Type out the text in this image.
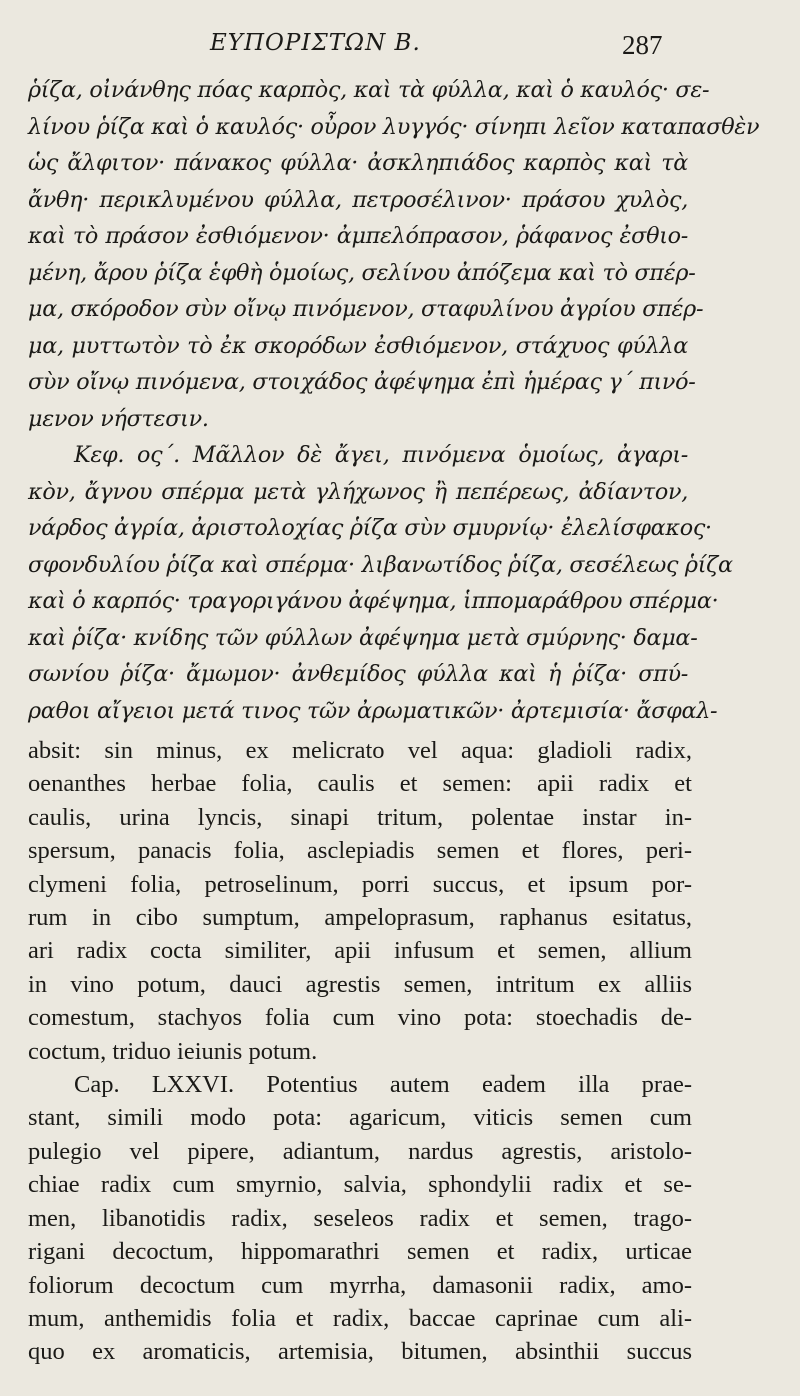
ΕΥΠΟΡΙΣΤΩΝ Β.	287
ῥίζα, οἰνάνθης πόας καρπὸς, καὶ τὰ φύλλα, καὶ ὁ καυλός· σε-
λίνου ῥίζα καὶ ὁ καυλός· οὖρον λυγγός· σίνηπι λεῖον καταπασθὲν
ὡς ἄλφιτον· πάνακος φύλλα· ἀσκληπιάδος καρπὸς καὶ τὰ
ἄνθη· περικλυμένου φύλλα, πετροσέλινον· πράσου χυλὸς,
καὶ τὸ πράσον ἐσθιόμενον· ἀμπελόπρασον, ῥάφανος ἐσθιο-
μένη, ἄρου ῥίζα ἑφθὴ ὁμοίως, σελίνου ἀπόζεμα καὶ τὸ σπέρ-
μα, σκόροδον σὺν οἴνῳ πινόμενον, σταφυλίνου ἀγρίου σπέρ-
μα, μυττωτὸν τὸ ἐκ σκορόδων ἐσθιόμενον, στάχυος φύλλα
σὺν οἴνῳ πινόμενα, στοιχάδος ἀφέψημα ἐπὶ ἡμέρας γ΄ πινό-
μενον νήστεσιν.
Κεφ. ος΄. Μᾶλλον δὲ ἄγει, πινόμενα ὁμοίως, ἀγαρι-
κὸν, ἄγνου σπέρμα μετὰ γλήχωνος ἢ πεπέρεως, ἀδίαντον,
νάρδος ἀγρία, ἀριστολοχίας ῥίζα σὺν σμυρνίῳ· ἐλελίσφακος·
σφονδυλίου ῥίζα καὶ σπέρμα· λιβανωτίδος ῥίζα, σεσέλεως ῥίζα
καὶ ὁ καρπός· τραγοριγάνου ἀφέψημα, ἱππομαράθρου σπέρμα·
καὶ ῥίζα· κνίδης τῶν φύλλων ἀφέψημα μετὰ σμύρνης· δαμα-
σωνίου ῥίζα· ἄμωμον· ἀνθεμίδος φύλλα καὶ ἡ ῥίζα· σπύ-
ραθοι αἴγειοι μετά τινος τῶν ἀρωματικῶν· ἀρτεμισία· ἄσφαλ-
absit: sin minus, ex melicrato vel aqua: gladioli radix,
oenanthes herbae folia, caulis et semen: apii radix et
caulis, urina lyncis, sinapi tritum, polentae instar in-
spersum, panacis folia, asclepiadis semen et flores, peri-
clymeni folia, petroselinum, porri succus, et ipsum por-
rum in cibo sumptum, ampeloprasum, raphanus esitatus,
ari radix cocta similiter, apii infusum et semen, allium
in vino potum, dauci agrestis semen, intritum ex alliis
comestum, stachyos folia cum vino pota: stoechadis de-
coctum, triduo ieiunis potum.
Cap. LXXVI. Potentius autem eadem illa prae-
stant, simili modo pota: agaricum, viticis semen cum
pulegio vel pipere, adiantum, nardus agrestis, aristolo-
chiae radix cum smyrnio, salvia, sphondylii radix et se-
men, libanotidis radix, seseleos radix et semen, trago-
rigani decoctum, hippomarathri semen et radix, urticae
foliorum decoctum cum myrrha, damasonii radix, amo-
mum, anthemidis folia et radix, baccae caprinae cum ali-
quo ex aromaticis, artemisia, bitumen, absinthii succus
